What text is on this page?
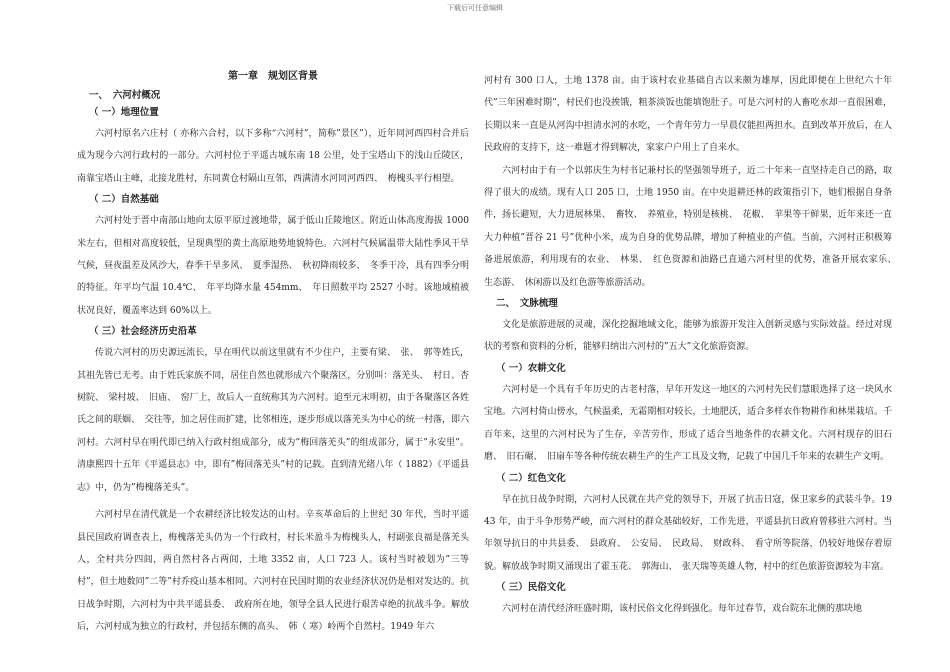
下载后可任意编辑
第一章　规划区背景
一、　六河村概况
（ 一）地理位置

六河村原名六庄村（ 亦称六合村，以下多称“六河村”，简称”景区”），近年同河西四村合并后成为现今六河行政村的一部分。六河村位于平遥古城东南 18 公里，处于宝塔山下的浅山丘陵区，南靠宝塔山主峰，北接龙胜村，东同黄仓村隔山互邻，西满清水河同河西四、　梅槐头平行相望。

（ 二）自然基础

六河村处于晋中南部山地向太原平原过渡地带，属于低山丘陵地区。附近山体高度海拔 1000 米左右，但相对高度较低，呈现典型的黄土高原地势地貌特色。六河村气候属温带大陆性季风干旱气候，昼夜温差及风沙大，春季干旱多风、　夏季湿热、　秋初降雨较多、　冬季干冷，具有四季分明的特征。年平均气温 10.4℃、　年平均降水量 454mm、　年日照数平均 2527 小时。该地域植被状况良好，覆盖率达到 60%以上。

（ 三）社会经济历史沿革

传说六河村的历史源远流长，早在明代以前这里就有不少住户，主要有梁、　张、　郭等姓氏，其祖先皆已无考。由于姓氏家族不同，居住自然也就形成六个聚落区，分别叫：落羌头、　村日、杏树院、　梁村坡、　旧庙、　窑厂上，故后人一直统称其为六河村。追至元末明初，由于各聚落区各姓氏之间的联姻、　交往等，加之居住而扩建，比邻相连，逐步形成以落羌头为中心的统一村落，即六河村。六河村早在明代即已纳入行政村组成部分，成为”梅回落羌头”的组成部分，属于”永安里”。清康熙四十五年《平遥县志》中，即有”梅回落羌头”村的记载。直到清光绪八年（ 1882）《平遥县志》中，仍为”梅槐落羌头”。

六河村早在清代就是一个农耕经济比较发达的山村。辛亥革命后的上世纪 30 年代，当时平遥县民国政府调查表上，梅槐落羌头仍为一个行政村，村长米盈斗为梅槐头人，村副张良福是落羌头人，全村共分四闾，两自然村各占两闾，土地 3352 亩，人口 723 人。该村当时被划为”三等村”，但土地数同”二等”村乔疫山基本相同。六河村在民国时期的农业经济状况仍是相对发达的。抗日战争时期，六河村为中共平遥县委、　政府所在地，领导全县人民进行艰苦卓绝的抗战斗争。解放后，六河村成为独立的行政村，并包括东侧的高头、　韩（ 寒）岭两个自然村。1949 年六

河村有 300 口人，土地 1378 亩。由于该村农业基础自古以来颇为雄厚，因此即便在上世纪六十年代”三年困难时期”，村民们也没挨饿，粗茶淡饭也能填饱肚子。可是六河村的人畜吃水却一直很困难，长期以来一直是从河沟中担清水河的水吃，一个青年劳力一早晨仅能担两担水。直到改革开放后，在人民政府的支持下，这一难题才得到解决，家家户户用上了自来水。

六河村由于有一个以郭庆生为村书记兼村长的坚强领导班子，近二十年来一直坚持走自己的路，取得了很大的成绩。现有人口 205 口，土地 1950 亩。在中央退耕还林的政策指引下，她们根据自身条件，扬长避短，大力进展林果、　畜牧、　养殖业，特别是核桃、　花椒、　苹果等干鲜果，近年来还一直大力种植”晋谷 21 号”优种小米，成为自身的优势品牌，增加了种植业的产值。当前，六河村正积极筹备进展旅游，利用现有的农业、　林果、　红色资源和油路已直通六河村里的优势，准备开展农家乐、　生态游、　休闲游以及红色游等旅游活动。

二、　文脉梳理

文化是旅游进展的灵魂，深化挖掘地域文化，能够为旅游开发注入创新灵感与实际效益。经过对现状的考察和资料的分析，能够归纳出六河村的”五大”文化旅游资源。

（ 一）农耕文化

六河村是一个具有千年历史的古老村落，早年开发这一地区的六河村先民们慧眼选择了这一块风水宝地。六河村倚山傍水，气候温柔，无霜期相对较长，土地肥沃，适合多样农作物耕作和林果栽培。千百年来，这里的六河村民为了生存，辛苦劳作，形成了适合当地条件的农耕文化。六河村现存的旧石磨、　旧石碾、　旧扇车等各种传统农耕生产的生产工具及文物，记载了中国几千年来的农耕生产文明。

（ 二）红色文化

早在抗日战争时期，六河村人民就在共产党的领导下，开展了抗击日寇，保卫家乡的武装斗争。1943 年，由于斗争形势严峻，而六河村的群众基础较好，工作先进，平遥县抗日政府曾移驻六河村。当年领导抗日的中共县委、　县政府、　公安局、　民政局、　财政科、　看守所等院落，仍较好地保存着原貌。解放战争时期又涌现出了霍玉花、　郭海山、　张天瑞等英雄人物，村中的红色旅游资源较为丰富。

（ 三）民俗文化

六河村在清代经济旺盛时期，该村民俗文化得到强化。每年过春节，戏台院东北侧的那块地
